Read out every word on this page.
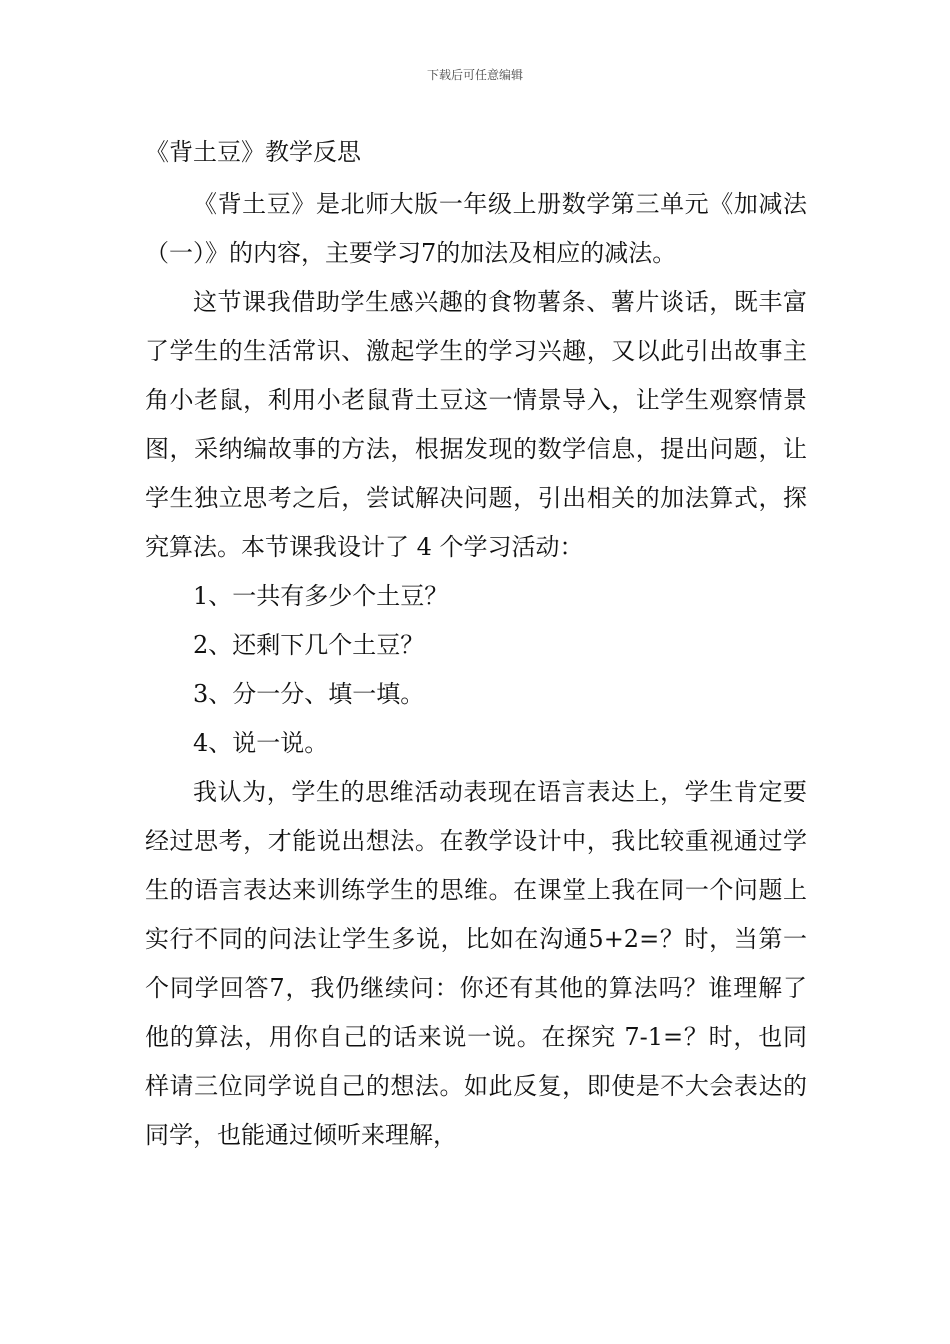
下载后可任意编辑
《背土豆》教学反思

《背土豆》是北师大版一年级上册数学第三单元《加减法（一）》的内容，主要学习7的加法及相应的减法。

这节课我借助学生感兴趣的食物薯条、薯片谈话，既丰富了学生的生活常识、激起学生的学习兴趣，又以此引出故事主角小老鼠，利用小老鼠背土豆这一情景导入，让学生观察情景图，采纳编故事的方法，根据发现的数学信息，提出问题，让学生独立思考之后，尝试解决问题，引出相关的加法算式，探究算法。本节课我设计了 4 个学习活动：

1、一共有多少个土豆？

2、还剩下几个土豆？

3、分一分、填一填。

4、说一说。

我认为，学生的思维活动表现在语言表达上，学生肯定要经过思考，才能说出想法。在教学设计中，我比较重视通过学生的语言表达来训练学生的思维。在课堂上我在同一个问题上实行不同的问法让学生多说，比如在沟通5+2=？时，当第一个同学回答7，我仍继续问：你还有其他的算法吗？谁理解了他的算法，用你自己的话来说一说。在探究 7-1=？时，也同样请三位同学说自己的想法。如此反复，即使是不大会表达的同学，也能通过倾听来理解，
